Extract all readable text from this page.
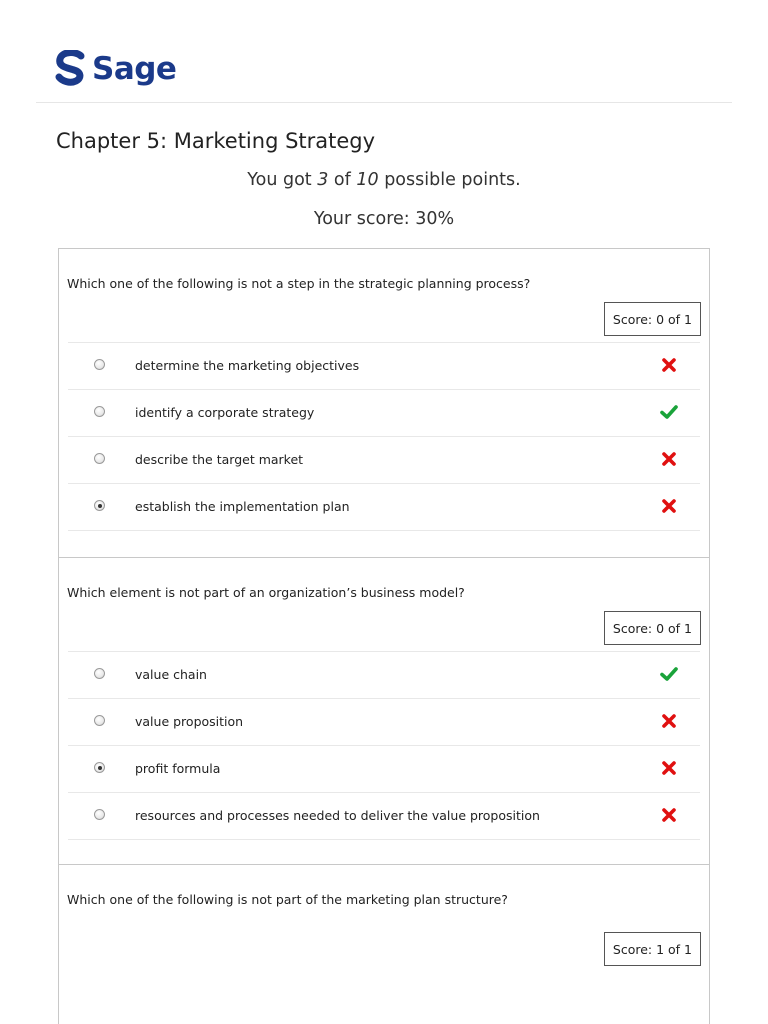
Sage
Chapter 5: Marketing Strategy
You got 3 of 10 possible points.
Your score: 30%
Which one of the following is not a step in the strategic planning process?
Score: 0 of 1
determine the marketing objectives
identify a corporate strategy
describe the target market
establish the implementation plan
Which element is not part of an organization’s business model?
Score: 0 of 1
value chain
value proposition
profit formula
resources and processes needed to deliver the value proposition
Which one of the following is not part of the marketing plan structure?
Score: 1 of 1
